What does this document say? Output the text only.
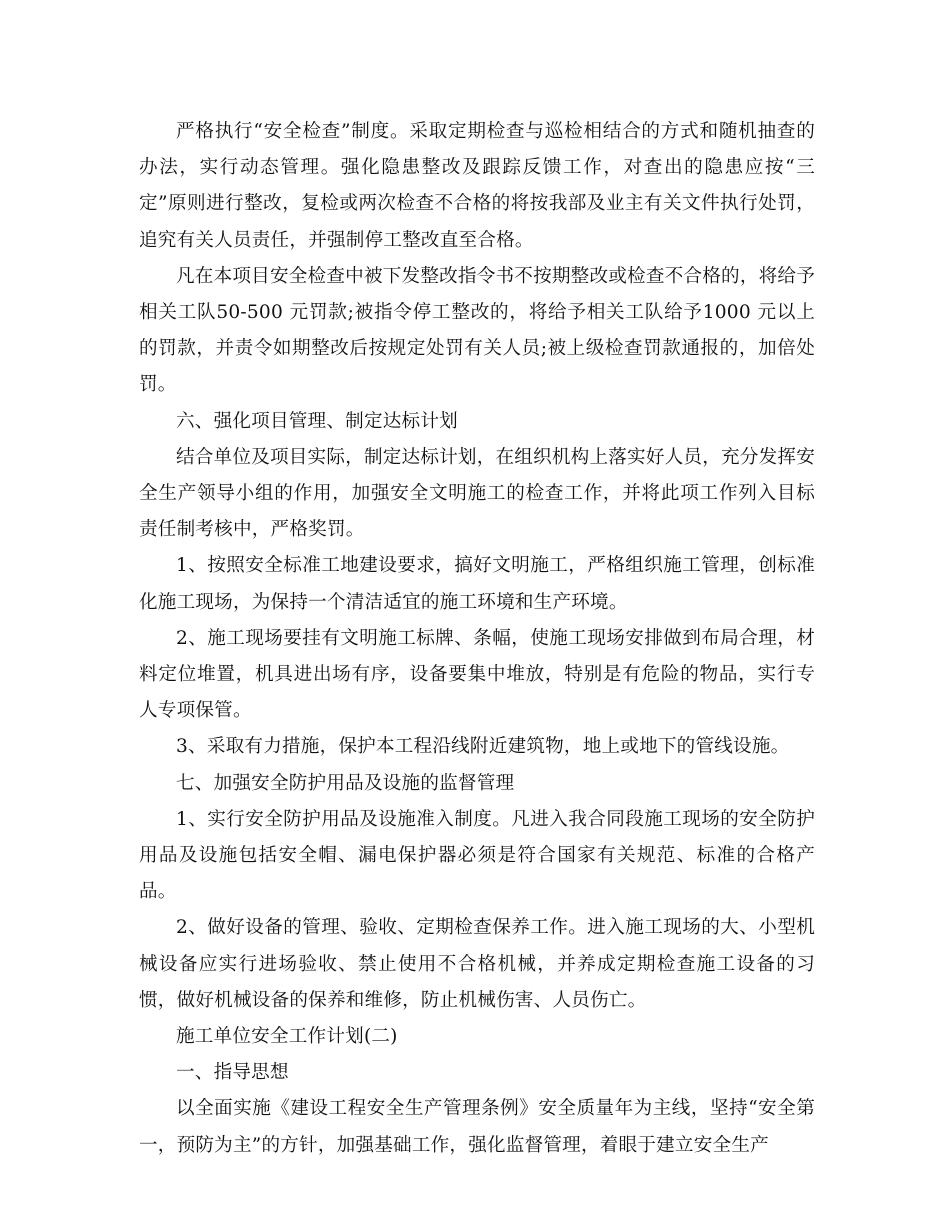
严格执行“安全检查”制度。采取定期检查与巡检相结合的方式和随机抽查的办法，实行动态管理。强化隐患整改及跟踪反馈工作，对查出的隐患应按“三定”原则进行整改，复检或两次检查不合格的将按我部及业主有关文件执行处罚，追究有关人员责任，并强制停工整改直至合格。

凡在本项目安全检查中被下发整改指令书不按期整改或检查不合格的，将给予相关工队50-500 元罚款;被指令停工整改的，将给予相关工队给予1000 元以上的罚款，并责令如期整改后按规定处罚有关人员;被上级检查罚款通报的，加倍处罚。

六、强化项目管理、制定达标计划

结合单位及项目实际，制定达标计划，在组织机构上落实好人员，充分发挥安全生产领导小组的作用，加强安全文明施工的检查工作，并将此项工作列入目标责任制考核中，严格奖罚。

1、按照安全标准工地建设要求，搞好文明施工，严格组织施工管理，创标准化施工现场，为保持一个清洁适宜的施工环境和生产环境。

2、施工现场要挂有文明施工标牌、条幅，使施工现场安排做到布局合理，材料定位堆置，机具进出场有序，设备要集中堆放，特别是有危险的物品，实行专人专项保管。

3、采取有力措施，保护本工程沿线附近建筑物，地上或地下的管线设施。

七、加强安全防护用品及设施的监督管理

1、实行安全防护用品及设施准入制度。凡进入我合同段施工现场的安全防护用品及设施包括安全帽、漏电保护器必须是符合国家有关规范、标准的合格产品。

2、做好设备的管理、验收、定期检查保养工作。进入施工现场的大、小型机械设备应实行进场验收、禁止使用不合格机械，并养成定期检查施工设备的习惯，做好机械设备的保养和维修，防止机械伤害、人员伤亡。

施工单位安全工作计划(二)

一、指导思想

以全面实施《建设工程安全生产管理条例》安全质量年为主线，坚持“安全第一，预防为主”的方针，加强基础工作，强化监督管理，着眼于建立安全生产
